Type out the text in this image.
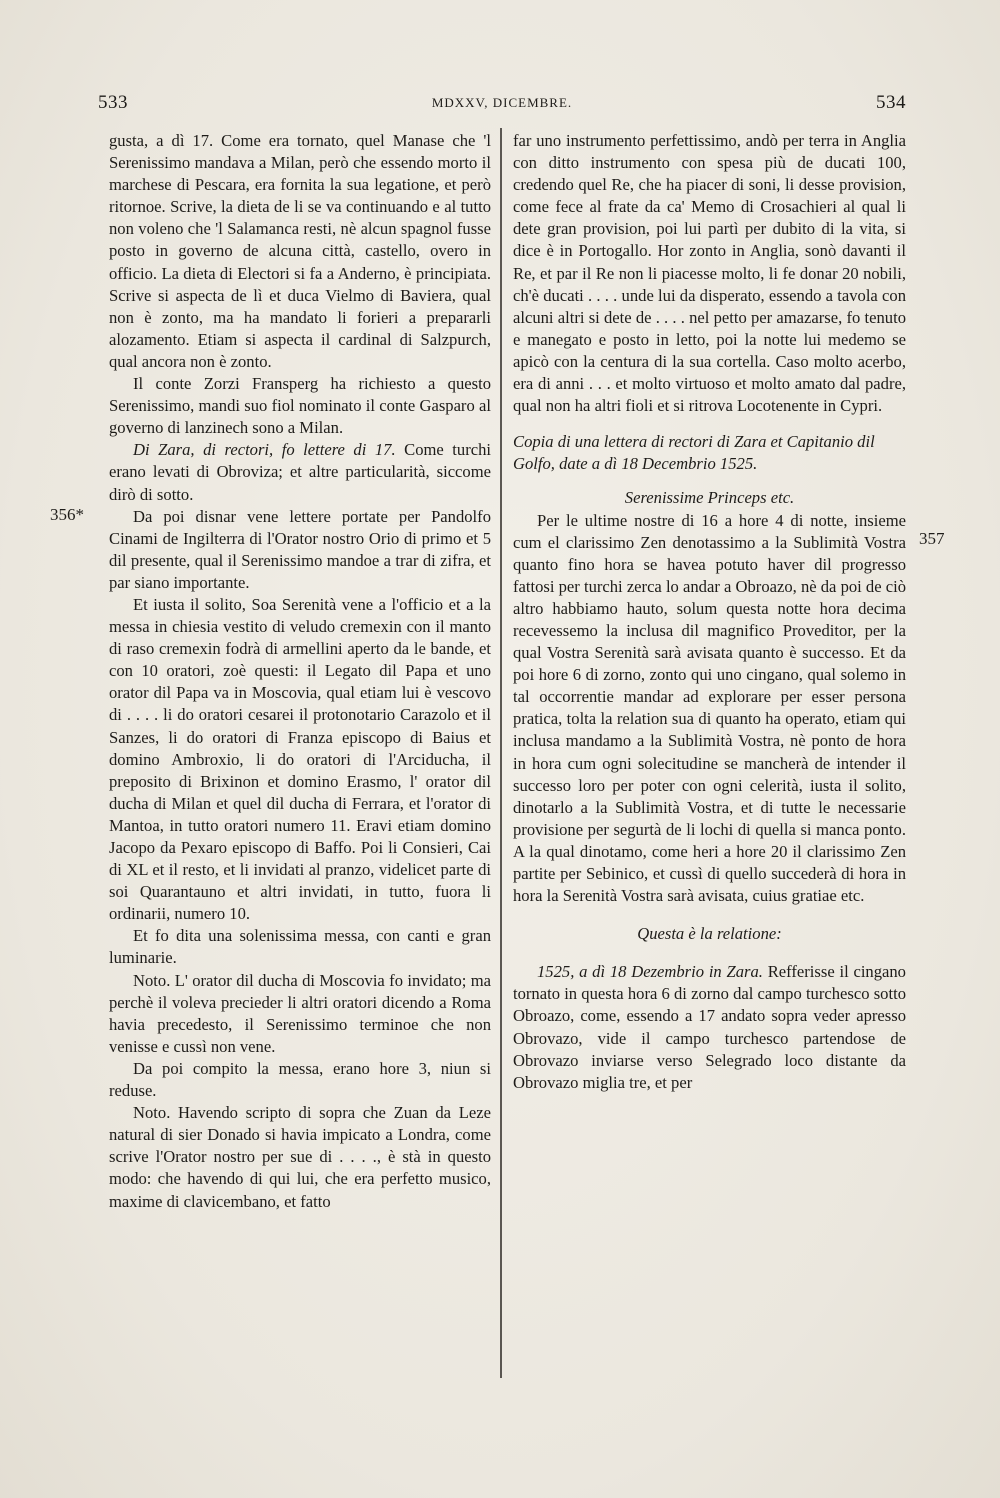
533	MDXXV, DICEMBRE.	534
356*
357

gusta, a dì 17. Come era tornato, quel Manase che 'l Serenissimo mandava a Milan, però che essendo morto il marchese di Pescara, era fornita la sua legatione, et però ritornoe. Scrive, la dieta de li se va continuando e al tutto non voleno che 'l Salamanca resti, nè alcun spagnol fusse posto in governo de alcuna città, castello, overo in officio. La dieta di Electori si fa a Anderno, è principiata. Scrive si aspecta de lì et duca Vielmo di Baviera, qual non è zonto, ma ha mandato li forieri a prepararli alozamento. Etiam si aspecta il cardinal di Salzpurch, qual ancora non è zonto.

Il conte Zorzi Fransperg ha richiesto a questo Serenissimo, mandi suo fiol nominato il conte Gasparo al governo di lanzinech sono a Milan.

Di Zara, di rectori, fo lettere di 17. Come turchi erano levati di Obroviza; et altre particularità, siccome dirò di sotto.

Da poi disnar vene lettere portate per Pandolfo Cinami de Ingilterra di l'Orator nostro Orio di primo et 5 dil presente, qual il Serenissimo mandoe a trar di zifra, et par siano importante.

Et iusta il solito, Soa Serenità vene a l'officio et a la messa in chiesia vestito di veludo cremexin con il manto di raso cremexin fodrà di armellini aperto da le bande, et con 10 oratori, zoè questi: il Legato dil Papa et uno orator dil Papa va in Moscovia, qual etiam lui è vescovo di . . . . li do oratori cesarei il protonotario Carazolo et il Sanzes, li do oratori di Franza episcopo di Baius et domino Ambroxio, li do oratori di l'Arciducha, il preposito di Brixinon et domino Erasmo, l' orator dil ducha di Milan et quel dil ducha di Ferrara, et l'orator di Mantoa, in tutto oratori numero 11. Eravi etiam domino Jacopo da Pexaro episcopo di Baffo. Poi li Consieri, Cai di XL et il resto, et li invidati al pranzo, videlicet parte di soi Quarantauno et altri invidati, in tutto, fuora li ordinarii, numero 10.

Et fo dita una solenissima messa, con canti e gran luminarie.

Noto. L' orator dil ducha di Moscovia fo invidato; ma perchè il voleva precieder li altri oratori dicendo a Roma havia precedesto, il Serenissimo terminoe che non venisse e cussì non vene.

Da poi compito la messa, erano hore 3, niun si reduse.

Noto. Havendo scripto di sopra che Zuan da Leze natural di sier Donado si havia impicato a Londra, come scrive l'Orator nostro per sue di . . . ., è stà in questo modo: che havendo di qui lui, che era perfetto musico, maxime di clavicembano, et fatto

far uno instrumento perfettissimo, andò per terra in Anglia con ditto instrumento con spesa più de ducati 100, credendo quel Re, che ha piacer di soni, li desse provision, come fece al frate da ca' Memo di Crosachieri al qual li dete gran provision, poi lui partì per dubito di la vita, si dice è in Portogallo. Hor zonto in Anglia, sonò davanti il Re, et par il Re non li piacesse molto, li fe donar 20 nobili, ch'è ducati . . . . unde lui da disperato, essendo a tavola con alcuni altri si dete de . . . . nel petto per amazarse, fo tenuto e manegato e posto in letto, poi la notte lui medemo se apicò con la centura di la sua cortella. Caso molto acerbo, era di anni . . . et molto virtuoso et molto amato dal padre, qual non ha altri fioli et si ritrova Locotenente in Cypri.

Copia di una lettera di rectori di Zara et Capitanio dil Golfo, date a dì 18 Decembrio 1525.

Serenissime Princeps etc.

Per le ultime nostre di 16 a hore 4 di notte, insieme cum el clarissimo Zen denotassimo a la Sublimità Vostra quanto fino hora se havea potuto haver dil progresso fattosi per turchi zerca lo andar a Obroazo, nè da poi de ciò altro habbiamo hauto, solum questa notte hora decima recevessemo la inclusa dil magnifico Proveditor, per la qual Vostra Serenità sarà avisata quanto è successo. Et da poi hore 6 di zorno, zonto qui uno cingano, qual solemo in tal occorrentie mandar ad explorare per esser persona pratica, tolta la relation sua di quanto ha operato, etiam qui inclusa mandamo a la Sublimità Vostra, nè ponto de hora in hora cum ogni solecitudine se mancherà de intender il successo loro per poter con ogni celerità, iusta il solito, dinotarlo a la Sublimità Vostra, et di tutte le necessarie provisione per segurtà de li lochi di quella si manca ponto. A la qual dinotamo, come heri a hore 20 il clarissimo Zen partite per Sebinico, et cussì di quello succederà di hora in hora la Serenità Vostra sarà avisata, cuius gratiae etc.

Questa è la relatione:

1525, a dì 18 Dezembrio in Zara. Refferisse il cingano tornato in questa hora 6 di zorno dal campo turchesco sotto Obroazo, come, essendo a 17 andato sopra veder apresso Obrovazo, vide il campo turchesco partendose de Obrovazo inviarse verso Selegrado loco distante da Obrovazo miglia tre, et per
